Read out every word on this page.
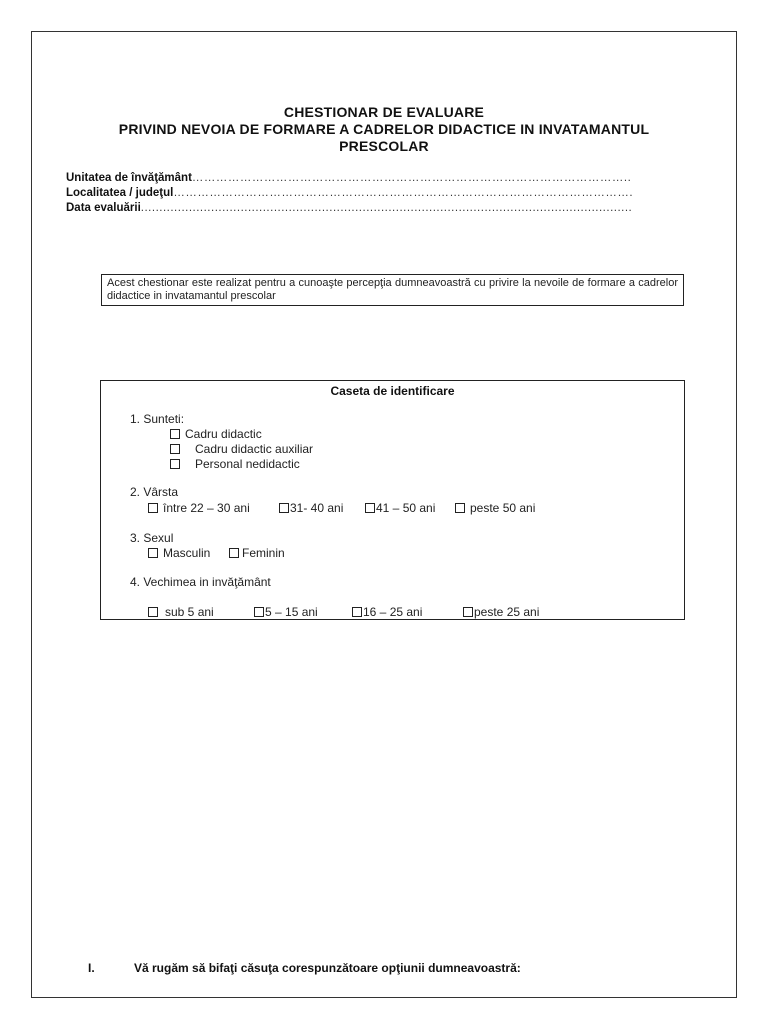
CHESTIONAR DE EVALUARE
PRIVIND NEVOIA DE FORMARE A CADRELOR DIDACTICE IN INVATAMANTUL
PRESCOLAR
Unitatea de învăţământ………………………………………………………………………………………………..
Localitatea / judeţul…………………………………………………………………………………………………….
Data evaluării.....................................................................................................................................
Acest chestionar este realizat pentru a cunoaşte percepţia dumneavoastră cu privire la nevoile de formare a cadrelor didactice in invatamantul prescolar
Caseta de identificare
1. Sunteti:
Cadru didactic
Cadru didactic auxiliar
Personal nedidactic
2. Vârsta
între 22 – 30 ani	31- 40 ani	41 – 50 ani	peste 50 ani
3. Sexul
Masculin	Feminin
4. Vechimea in invăţământ
sub 5 ani	5 – 15 ani	16 – 25 ani	peste 25 ani
I.	Vă rugăm să bifaţi căsuţa corespunzătoare opţiunii dumneavoastră:
